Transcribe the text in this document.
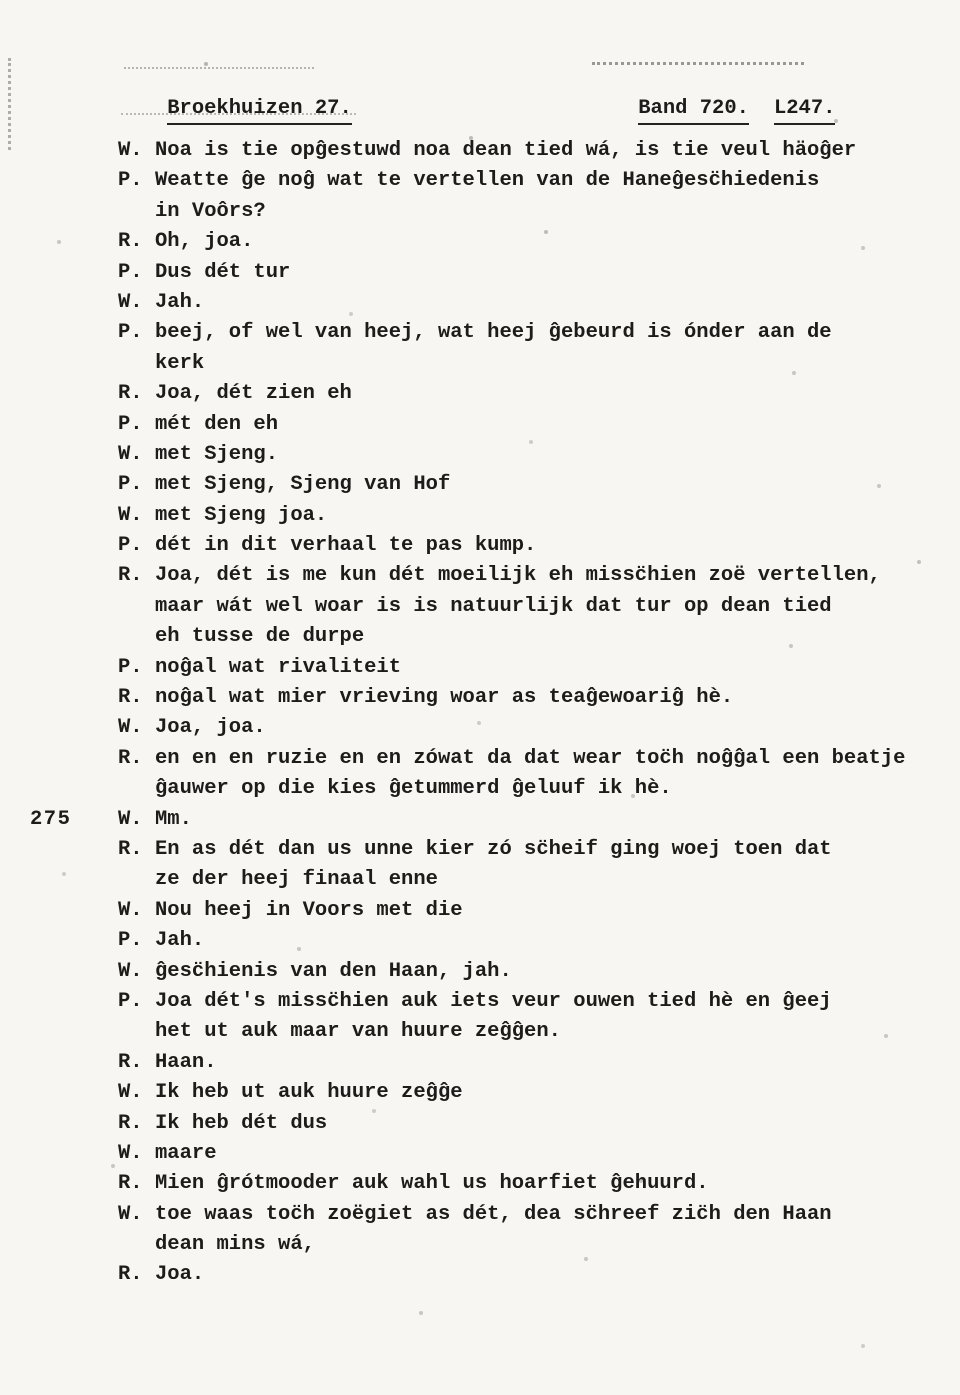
Broekhuizen 27.
	Band 720. L247.

W. Noa is tie opĝestuwd noa dean tied wá, is tie veul häoĝer
P. Weatte ĝe noĝ wat te vertellen van de Haneĝesc̈hiedenis
in Voôrs?
R. Oh, joa.
P. Dus dét tur
W. Jah.
P. beej, of wel van heej, wat heej ĝebeurd is ónder aan de
kerk
R. Joa, dét zien eh
P. mét den eh
W. met Sjeng.
P. met Sjeng, Sjeng van Hof
W. met Sjeng joa.
P. dét in dit verhaal te pas kump.
R. Joa, dét is me kun dét moeilijk eh missc̈hien zoë vertellen,
maar wát wel woar is is natuurlijk dat tur op dean tied
eh tusse de durpe
P. noĝal wat rivaliteit
R. noĝal wat mier vrieving woar as teaĝewoariĝ hè.
W. Joa, joa.
R. en en en ruzie en en zówat da dat wear toc̈h noĝĝal een beatje
ĝauwer op die kies ĝetummerd ĝeluuf ik hè.
275 W. Mm.
R. En as dét dan us unne kier zó sc̈heif ging woej toen dat
ze der heej finaal enne
W. Nou heej in Voors met die
P. Jah.
W. ĝesc̈hienis van den Haan, jah.
P. Joa dét's missc̈hien auk iets veur ouwen tied hè en ĝeej
het ut auk maar van huure zeĝĝen.
R. Haan.
W. Ik heb ut auk huure zeĝĝe
R. Ik heb dét dus
W. maare
R. Mien ĝrótmooder auk wahl us hoarfiet ĝehuurd.
W. toe waas toc̈h zoëgiet as dét, dea sc̈hreef zic̈h den Haan
dean mins wá,
R. Joa.
